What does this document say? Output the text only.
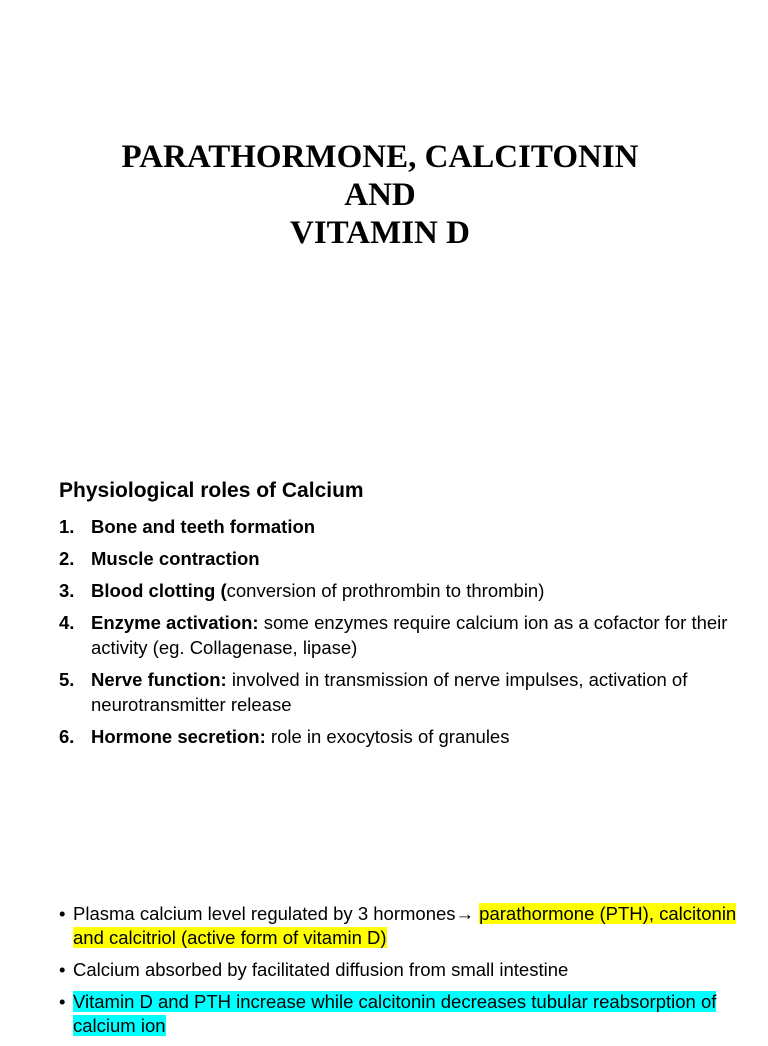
PARATHORMONE, CALCITONIN
AND
VITAMIN D
Physiological roles of Calcium
1. Bone and teeth formation
2. Muscle contraction
3. Blood clotting (conversion of prothrombin to thrombin)
4. Enzyme activation: some enzymes require calcium ion as a cofactor for their activity (eg. Collagenase, lipase)
5. Nerve function: involved in transmission of nerve impulses, activation of neurotransmitter release
6. Hormone secretion: role in exocytosis of granules
• Plasma calcium level regulated by 3 hormones→ parathormone (PTH), calcitonin and calcitriol (active form of vitamin D)
• Calcium absorbed by facilitated diffusion from small intestine
• Vitamin D and PTH increase while calcitonin decreases tubular reabsorption of calcium ion
